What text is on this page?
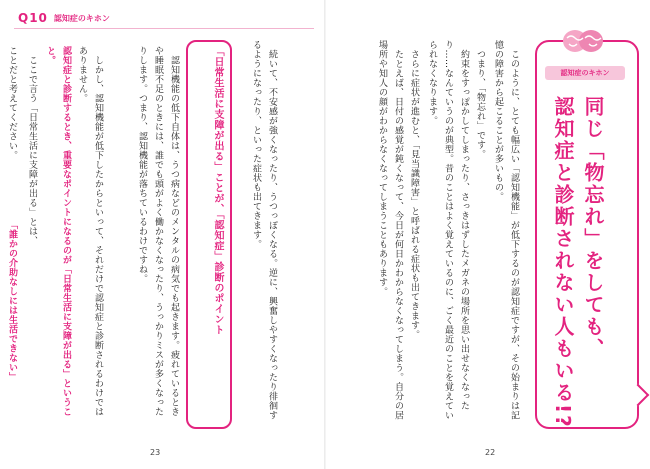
Q10 認知症のキホン
　続いて、不安感が強くなったり、うつっぽくなる。逆に、興奮しやすくなったり徘徊するようになったり、といった症状も出てきます。
「日常生活に支障が出る」ことが、「認知症」診断のポイント
　認知機能の低下自体は、うつ病などのメンタルの病気でも起きます。疲れているときや睡眠不足のときには、誰でも頭がよく働かなくなったり、うっかりミスが多くなったりします。つまり、認知機能が落ちているわけですね。
　しかし、認知機能が低下したからといって、それだけで認知症と診断されるわけではありません。
認知症と診断するとき、重要なポイントになるのが「日常生活に支障が出る」ということ。
　ここで言う「日常生活に支障が出る」とは、
「誰かの介助なしには生活できない」
ことだと考えてください。
23
認知症のキホン
同じ「物忘れ」をしても、
認知症と診断されない人もいる!?
　このように、とても幅広い「認知機能」が低下するのが認知症ですが、その始まりは記憶の障害から起こることが多いもの。
　つまり、「物忘れ」です。
　約束をすっぽかしてしまったり、さっきはずしたメガネの場所を思い出せなくなったり……なんていうのが典型。昔のことはよく覚えているのに、ごく最近のことを覚えていられなくなります。
　さらに症状が進むと、「見当識障害」と呼ばれる症状も出てきます。
　たとえば、日付の感覚が鈍くなって、今日が何日かわからなくなってしまう。自分の居場所や知人の顔がわからなくなってしまうこともあります。
22
